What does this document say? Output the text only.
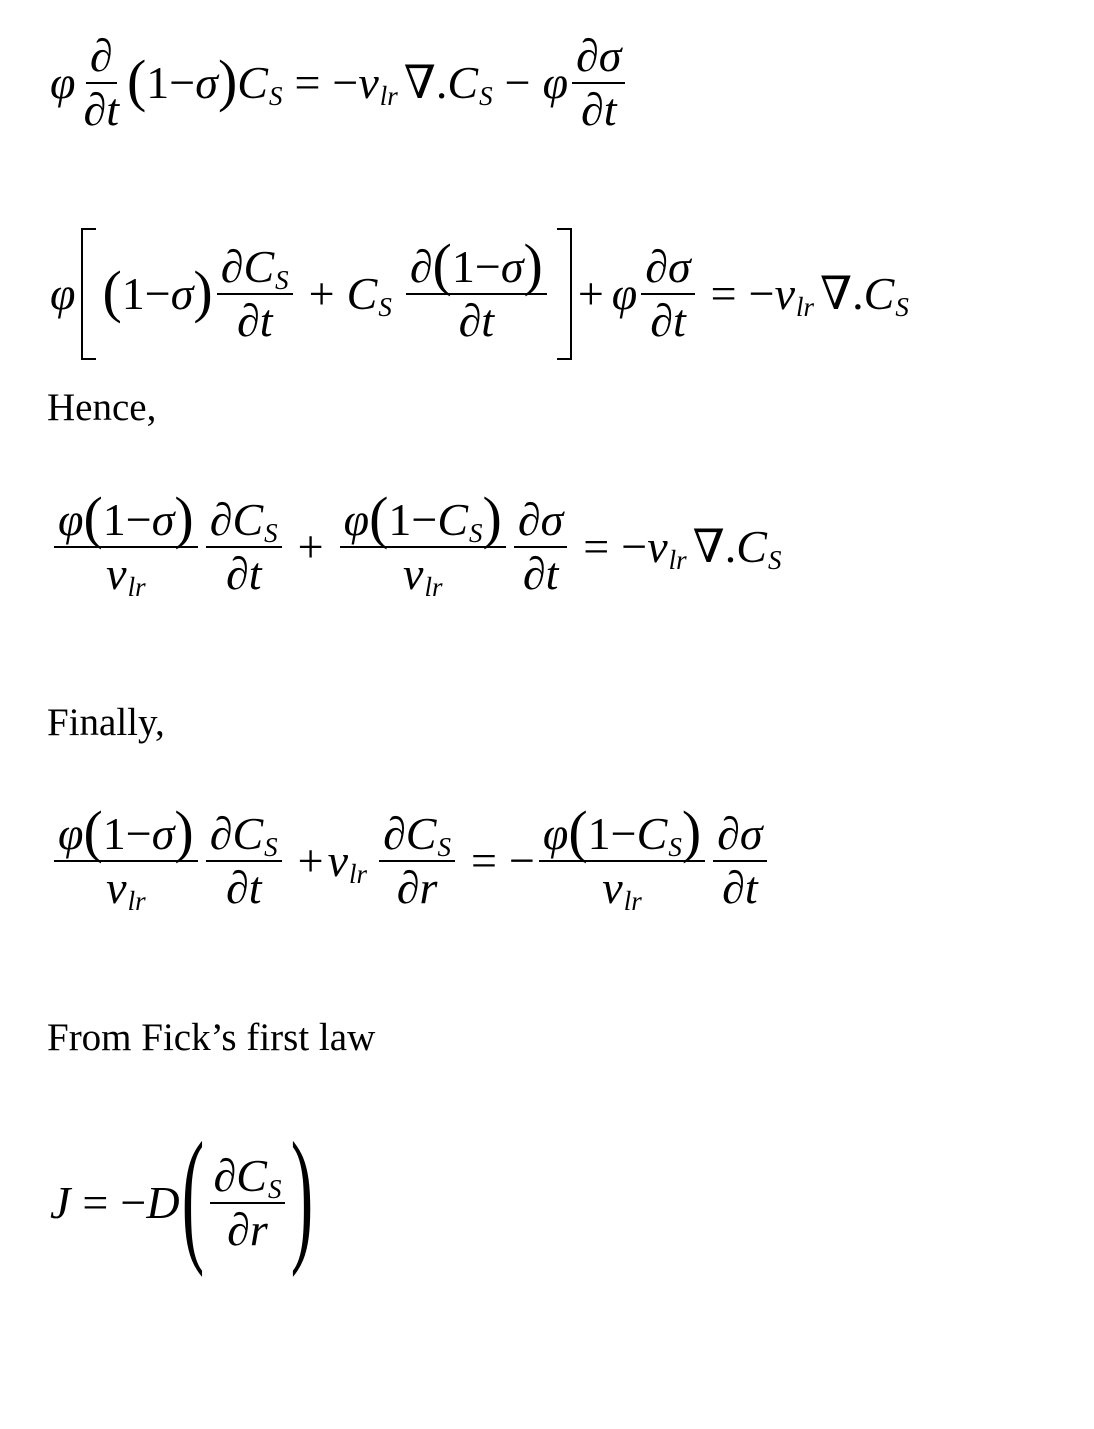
φ $\frac{\partial}{\partial t}$ ( 1 − σ ) C S = − v lr ∇ . C S − φ $\frac{\partial \sigma}{\partial t}$
φ ( 1 − σ ) $\frac{\text{∂ C S}}{\partial t} + C$ S $\frac{\partial ( 1 - \sigma )}{\partial t} + \varphi \frac{\partial \sigma}{\partial t}$ = − v lr ∇ . C S
Hence,
$\frac{\varphi ( 1 - \sigma )}{\text{v lr}} \frac{\text{∂ C S}}{\partial t} + \frac{\text{φ ( 1 − C S )}}{\text{v lr}} \frac{\partial \sigma}{\partial t}$ = − v lr ∇ . C S
Finally,
$\frac{\varphi ( 1 - \sigma )}{\text{v lr}} \frac{\text{∂ C S}}{\partial t} + v$ lr $\frac{\text{∂ C S}}{\partial r}$ = − $\frac{\text{φ ( 1 − C S )}}{\text{v lr}} \frac{\partial \sigma}{\partial t}$
From Fick’s first law
J = − D ( $\frac{\text{∂ C S}}{\partial r}$ )
